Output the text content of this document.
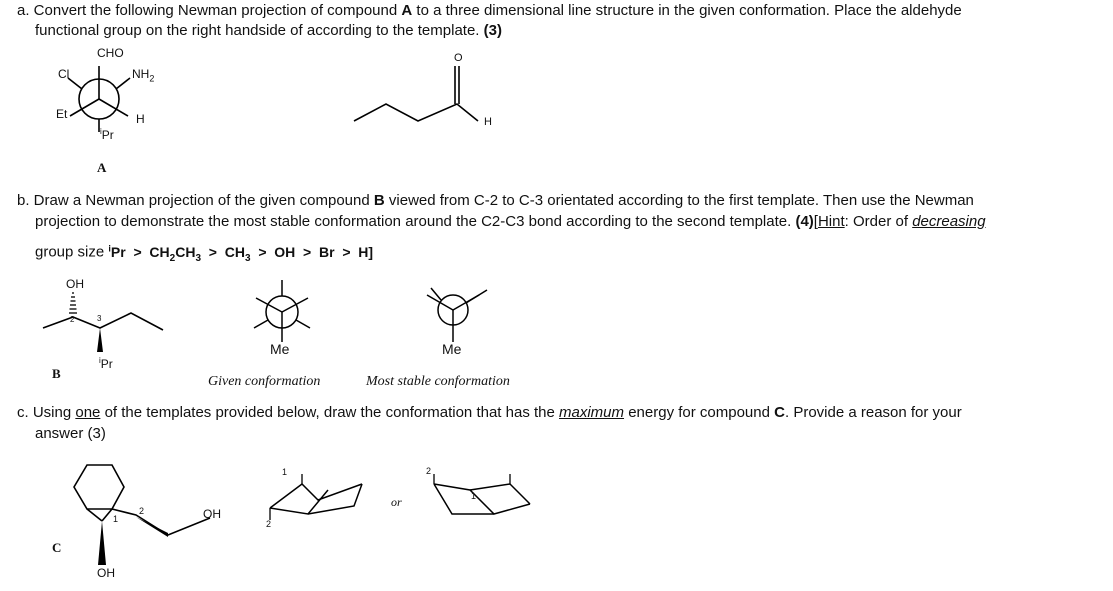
a. Convert the following Newman projection of compound A to a three dimensional line structure in the given conformation. Place the aldehyde

functional group on the right handside of according to the template. (3)

CHO
Cl	$NH_2$
Et	H
$^i$Pr
A
O
H

b. Draw a Newman projection of the given compound B viewed from C-2 to C-3 orientated according to the first template. Then use the Newman

projection to demonstrate the most stable conformation around the C2-C3 bond according to the second template. (4)[Hint: Order of decreasing

group size $^iPr > CH_2CH_3 > CH_3$  >  OH  >  Br  >  H]

OH
2	3
$^i$Pr
B
Me	Me
Given conformation	Most stable conformation

c. Using one of the templates provided below, draw the conformation that has the maximum energy for compound C. Provide a reason for your

answer (3)

1
2	OH
OH
C
1
2
or	1
2
